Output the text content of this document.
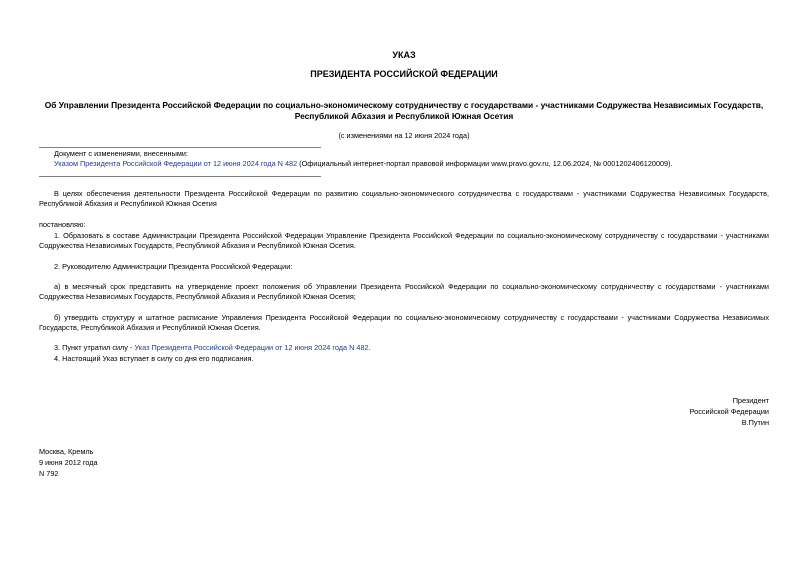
УКАЗ
ПРЕЗИДЕНТА РОССИЙСКОЙ ФЕДЕРАЦИИ
Об Управлении Президента Российской Федерации по социально-экономическому сотрудничеству с государствами - участниками Содружества Независимых Государств, Республикой Абхазия и Республикой Южная Осетия
(с изменениями на 12 июня 2024 года)
Документ с изменениями, внесенными:
Указом Президента Российской Федерации от 12 июня 2024 года N 482 (Официальный интернет-портал правовой информации www.pravo.gov.ru, 12.06.2024, № 0001202406120009).
В целях обеспечения деятельности Президента Российской Федерации по развитию социально-экономического сотрудничества с государствами - участниками Содружества Независимых Государств, Республикой Абхазия и Республикой Южная Осетия
постановляю:
1. Образовать в составе Администрации Президента Российской Федерации Управление Президента Российской Федерации по социально-экономическому сотрудничеству с государствами - участниками Содружества Независимых Государств, Республикой Абхазия и Республикой Южная Осетия.
2. Руководителю Администрации Президента Российской Федерации:
а) в месячный срок представить на утверждение проект положения об Управлении Президента Российской Федерации по социально-экономическому сотрудничеству с государствами - участниками Содружества Независимых Государств, Республикой Абхазия и Республикой Южная Осетия;
б) утвердить структуру и штатное расписание Управления Президента Российской Федерации по социально-экономическому сотрудничеству с государствами - участниками Содружества Независимых Государств, Республикой Абхазия и Республикой Южная Осетия.
3. Пункт утратил силу - Указ Президента Российской Федерации от 12 июня 2024 года N 482.
4. Настоящий Указ вступает в силу со дня его подписания.
Президент
Российской Федерации
В.Путин
Москва, Кремль
9 июня 2012 года
N 792
